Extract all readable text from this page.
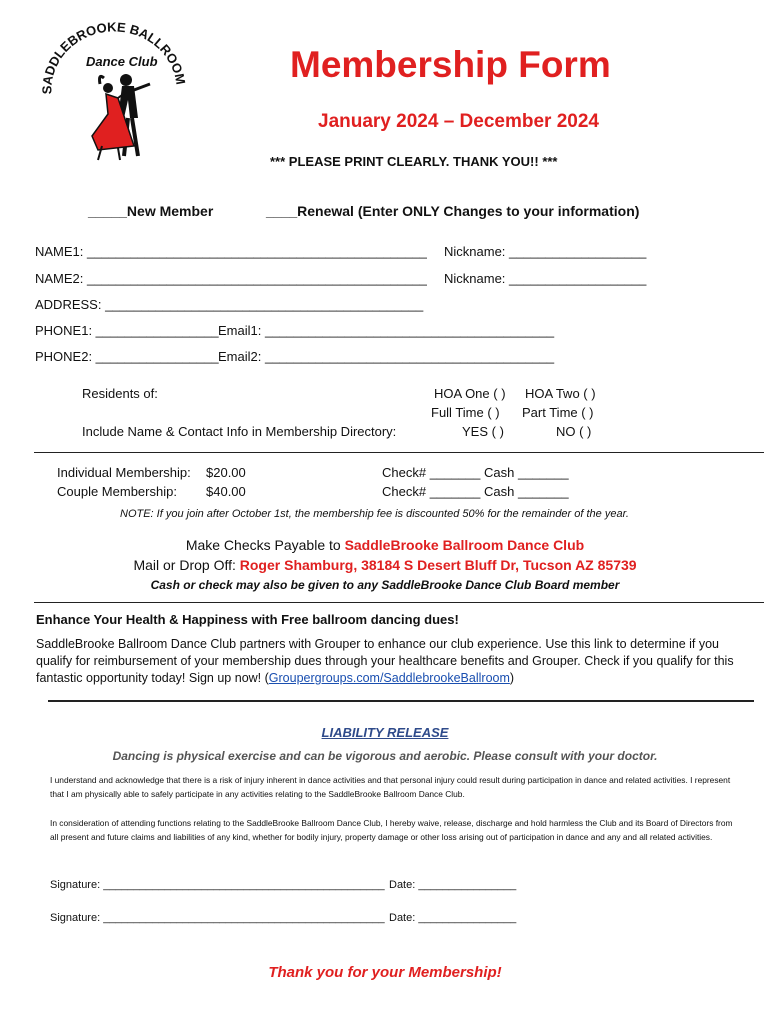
SADDLEBROOKE BALLROOM
Dance Club	Membership Form
January 2024 – December 2024
*** PLEASE PRINT CLEARLY. THANK YOU!! ***
_____New Member	____Renewal (Enter ONLY Changes to your information)
NAME1: _______________________________________________ Nickname: ___________________
NAME2: _______________________________________________ Nickname: ___________________
ADDRESS: ____________________________________________
PHONE1: _________________ Email1: ________________________________________
PHONE2: _________________ Email2: ________________________________________
Residents of:	HOA One ( ) HOA Two ( )
Full Time ( ) Part Time ( )
Include Name & Contact Info in Membership Directory:	YES ( )	NO ( )
Individual Membership: $20.00	Check# _______ Cash _______
Couple Membership: $40.00	Check# _______ Cash _______
NOTE: If you join after October 1st, the membership fee is discounted 50% for the remainder of the year.
Make Checks Payable to SaddleBrooke Ballroom Dance Club
Mail or Drop Off: Roger Shamburg, 38184 S Desert Bluff Dr, Tucson AZ 85739
Cash or check may also be given to any SaddleBrooke Dance Club Board member
Enhance Your Health & Happiness with Free ballroom dancing dues!
SaddleBrooke Ballroom Dance Club partners with Grouper to enhance our club experience. Use this link to determine if you qualify for reimbursement of your membership dues through your healthcare benefits and Grouper. Check if you qualify for this fantastic opportunity today! Sign up now! (Groupergroups.com/SaddlebrookeBallroom)
LIABILITY RELEASE
Dancing is physical exercise and can be vigorous and aerobic. Please consult with your doctor.
I understand and acknowledge that there is a risk of injury inherent in dance activities and that personal injury could result during participation in dance and related activities. I represent that I am physically able to safely participate in any activities relating to the SaddleBrooke Ballroom Dance Club.
In consideration of attending functions relating to the SaddleBrooke Ballroom Dance Club, I hereby waive, release, discharge and hold harmless the Club and its Board of Directors from all present and future claims and liabilities of any kind, whether for bodily injury, property damage or other loss arising out of participation in dance and any and all related activities.
Signature: ______________________________________________ Date: ________________
Signature: ______________________________________________ Date: ________________
Thank you for your Membership!
